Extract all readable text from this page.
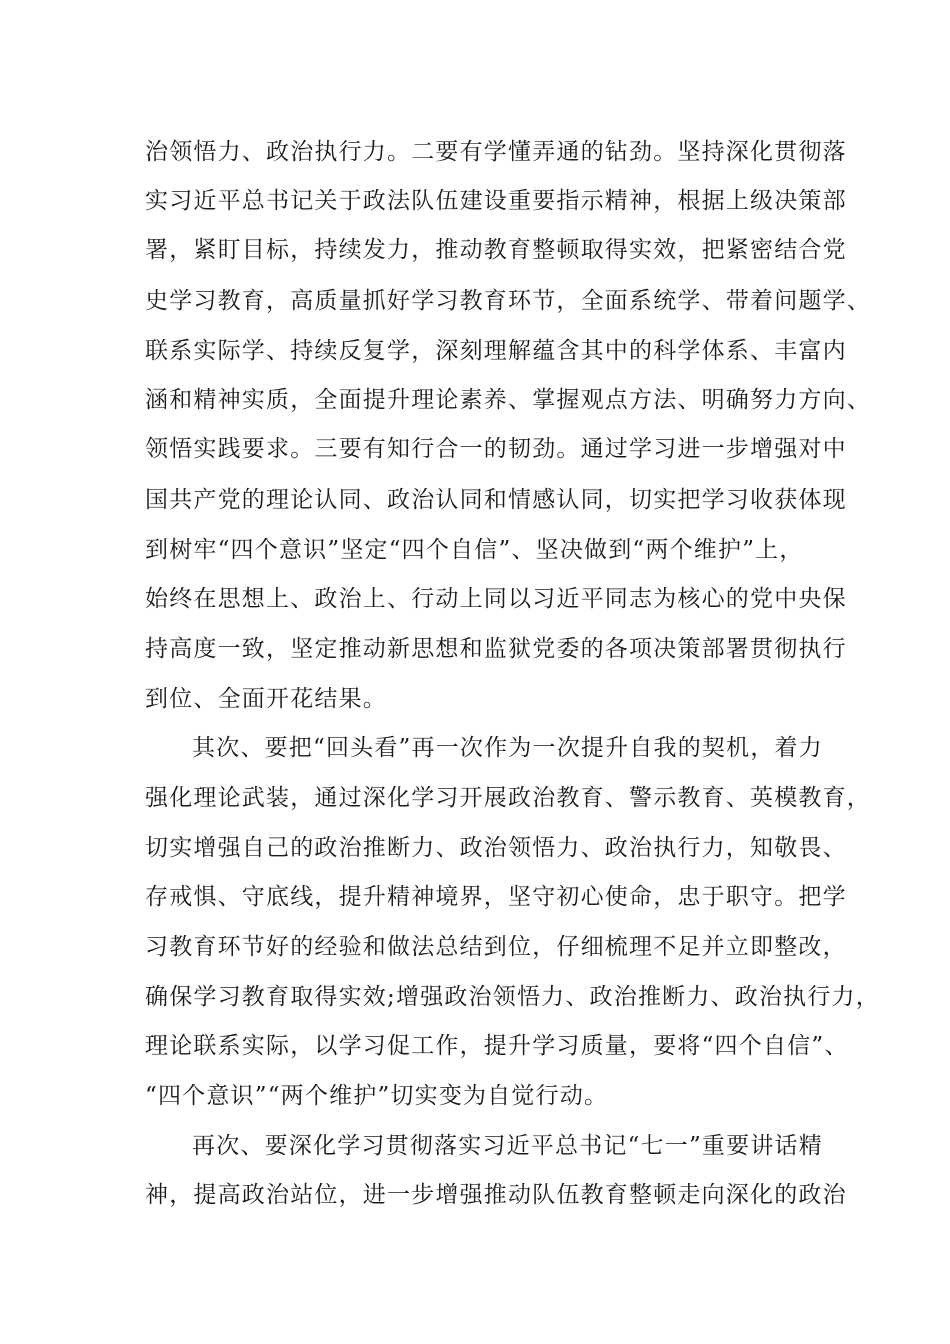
治领悟力、政治执行力。二要有学懂弄通的钻劲。坚持深化贯彻落
实习近平总书记关于政法队伍建设重要指示精神，根据上级决策部
署，紧盯目标，持续发力，推动教育整顿取得实效，把紧密结合党
史学习教育，高质量抓好学习教育环节，全面系统学、带着问题学、
联系实际学、持续反复学，深刻理解蕴含其中的科学体系、丰富内
涵和精神实质，全面提升理论素养、掌握观点方法、明确努力方向、
领悟实践要求。三要有知行合一的韧劲。通过学习进一步增强对中
国共产党的理论认同、政治认同和情感认同，切实把学习收获体现
到树牢“四个意识”坚定“四个自信”、坚决做到“两个维护”上，
始终在思想上、政治上、行动上同以习近平同志为核心的党中央保
持高度一致，坚定推动新思想和监狱党委的各项决策部署贯彻执行
到位、全面开花结果。
其次、要把“回头看”再一次作为一次提升自我的契机，着力
强化理论武装，通过深化学习开展政治教育、警示教育、英模教育，
切实增强自己的政治推断力、政治领悟力、政治执行力，知敬畏、
存戒惧、守底线，提升精神境界，坚守初心使命，忠于职守。把学
习教育环节好的经验和做法总结到位，仔细梳理不足并立即整改，
确保学习教育取得实效;增强政治领悟力、政治推断力、政治执行力，
理论联系实际，以学习促工作，提升学习质量，要将“四个自信”、
“四个意识”“两个维护”切实变为自觉行动。
再次、要深化学习贯彻落实习近平总书记“七一”重要讲话精
神，提高政治站位，进一步增强推动队伍教育整顿走向深化的政治
